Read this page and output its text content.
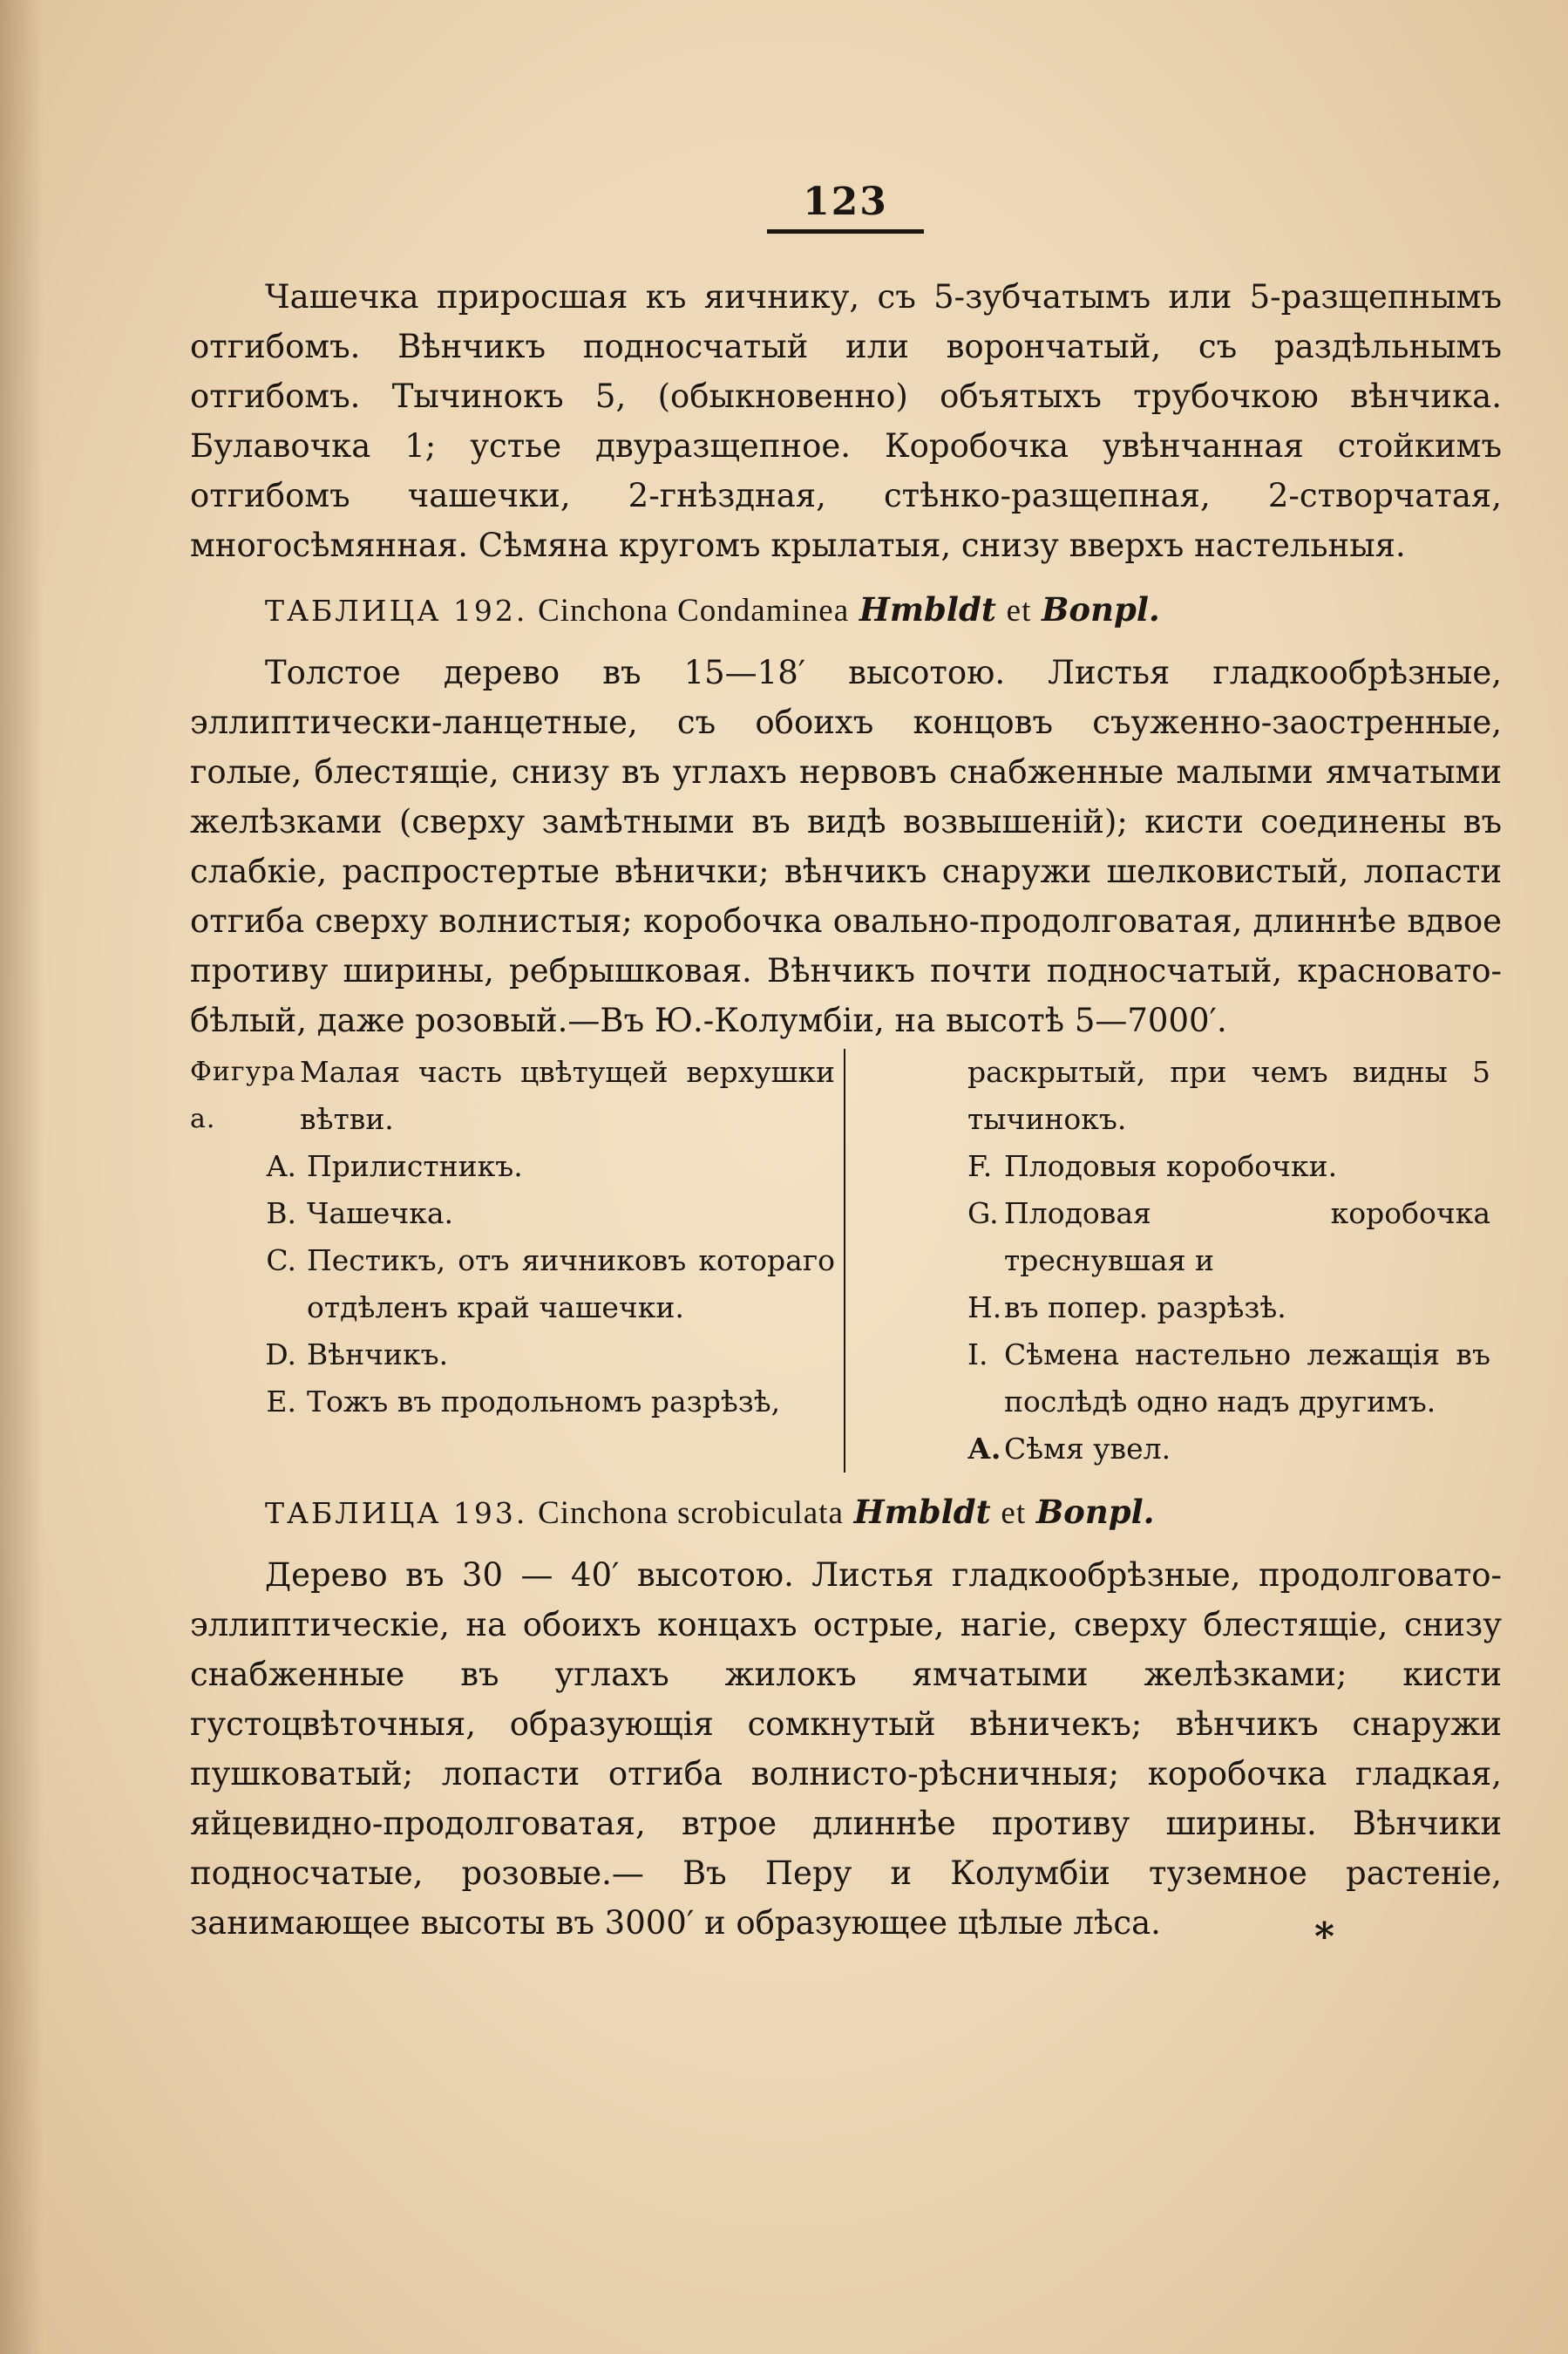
123

Чашечка приросшая къ яичнику, съ 5-зубчатымъ или 5-разщепнымъ отгибомъ. Вѣнчикъ подносчатый или ворончатый, съ раздѣльнымъ отгибомъ. Тычинокъ 5, (обыкновенно) объятыхъ трубочкою вѣнчика. Булавочка 1; устье двуразщепное. Коробочка увѣнчанная стойкимъ отгибомъ чашечки, 2-гнѣздная, стѣнко-разщепная, 2-створчатая, многосѣмянная. Сѣмяна кругомъ крылатыя, снизу вверхъ настельныя.

ТАБЛИЦА 192. Cinchona Condaminea Hmbldt et Bonpl.

Толстое дерево въ 15—18′ высотою. Листья гладкообрѣзные, эллиптически-ланцетные, съ обоихъ концовъ съуженно-заостренные, голые, блестящіе, снизу въ углахъ нервовъ снабженные малыми ямчатыми желѣзками (сверху замѣтными въ видѣ возвышеній); кисти соединены въ слабкіе, распростертые вѣнички; вѣнчикъ снаружи шелковистый, лопасти отгиба сверху волнистыя; коробочка овально-продолговатая, длиннѣе вдвое противу ширины, ребрышковая. Вѣнчикъ почти подносчатый, красновато-бѣлый, даже розовый.—Въ Ю.-Колумбіи, на высотѣ 5—7000′.

Фигура а.
Малая часть цвѣтущей верхушки вѣтви.
A. Прилистникъ.
B. Чашечка.
C. Пестикъ, отъ яичниковъ котораго отдѣленъ край чашечки.
D. Вѣнчикъ.
E. Тожъ въ продольномъ разрѣзѣ,
раскрытый, при чемъ видны 5 тычинокъ.
F. Плодовыя коробочки.
G. Плодовая коробочка треснувшая и
H. въ попер. разрѣзѣ.
I. Сѣмена настельно лежащія въ послѣдѣ одно надъ другимъ.
А. Сѣмя увел.

ТАБЛИЦА 193. Cinchona scrobiculata Hmbldt et Bonpl.

Дерево въ 30 — 40′ высотою. Листья гладкообрѣзные, продолговато-эллиптическіе, на обоихъ концахъ острые, нагіе, сверху блестящіе, снизу снабженные въ углахъ жилокъ ямчатыми желѣзками; кисти густоцвѣточныя, образующія сомкнутый вѣничекъ; вѣнчикъ снаружи пушковатый; лопасти отгиба волнисто-рѣсничныя; коробочка гладкая, яйцевидно-продолговатая, втрое длиннѣе противу ширины. Вѣнчики подносчатые, розовые.— Въ Перу и Колумбіи туземное растеніе, занимающее высоты въ 3000′ и образующее цѣлые лѣса.	*
